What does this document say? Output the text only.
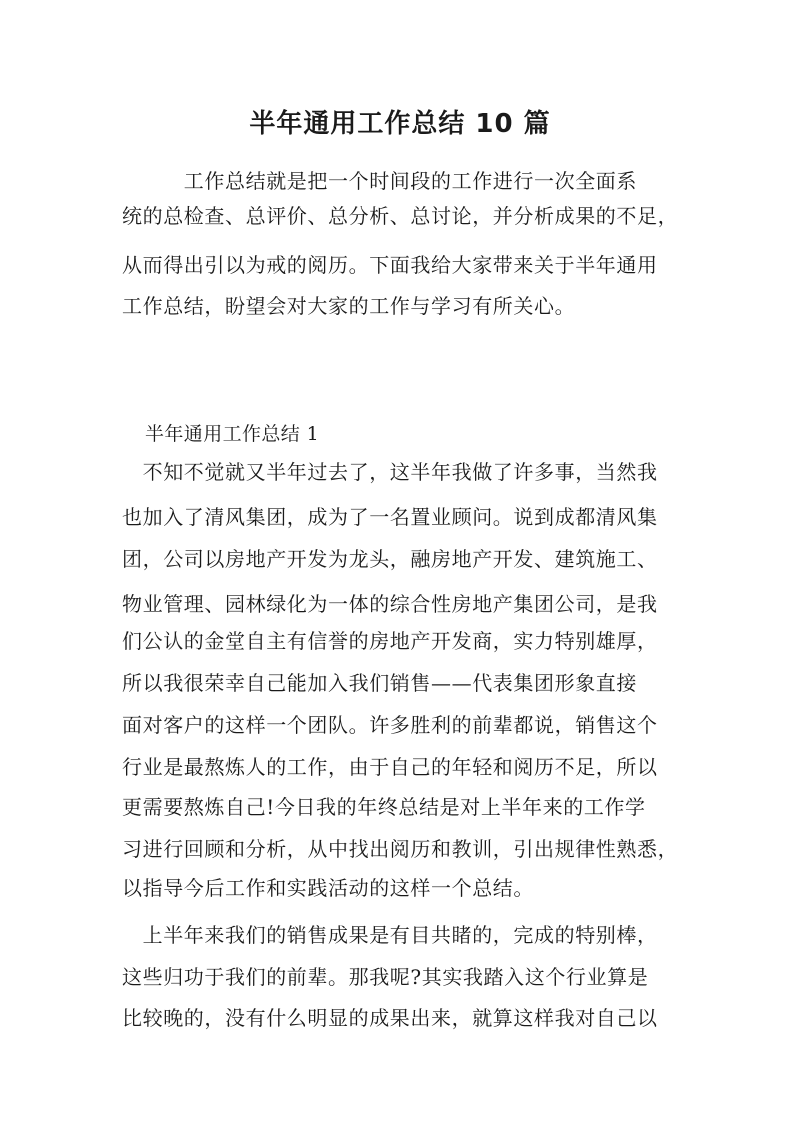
半年通用工作总结 10 篇
　　　工作总结就是把一个时间段的工作进行一次全面系
统的总检查、总评价、总分析、总讨论，并分析成果的不足，
从而得出引以为戒的阅历。下面我给大家带来关于半年通用
工作总结，盼望会对大家的工作与学习有所关心。
半年通用工作总结 1
　不知不觉就又半年过去了，这半年我做了许多事，当然我
也加入了清风集团，成为了一名置业顾问。说到成都清风集
团，公司以房地产开发为龙头，融房地产开发、建筑施工、
物业管理、园林绿化为一体的综合性房地产集团公司，是我
们公认的金堂自主有信誉的房地产开发商，实力特别雄厚，
所以我很荣幸自己能加入我们销售——代表集团形象直接
面对客户的这样一个团队。许多胜利的前辈都说，销售这个
行业是最熬炼人的工作，由于自己的年轻和阅历不足，所以
更需要熬炼自己!今日我的年终总结是对上半年来的工作学
习进行回顾和分析，从中找出阅历和教训，引出规律性熟悉，
以指导今后工作和实践活动的这样一个总结。
　上半年来我们的销售成果是有目共睹的，完成的特别棒，
这些归功于我们的前辈。那我呢?其实我踏入这个行业算是
比较晚的，没有什么明显的成果出来，就算这样我对自己以
